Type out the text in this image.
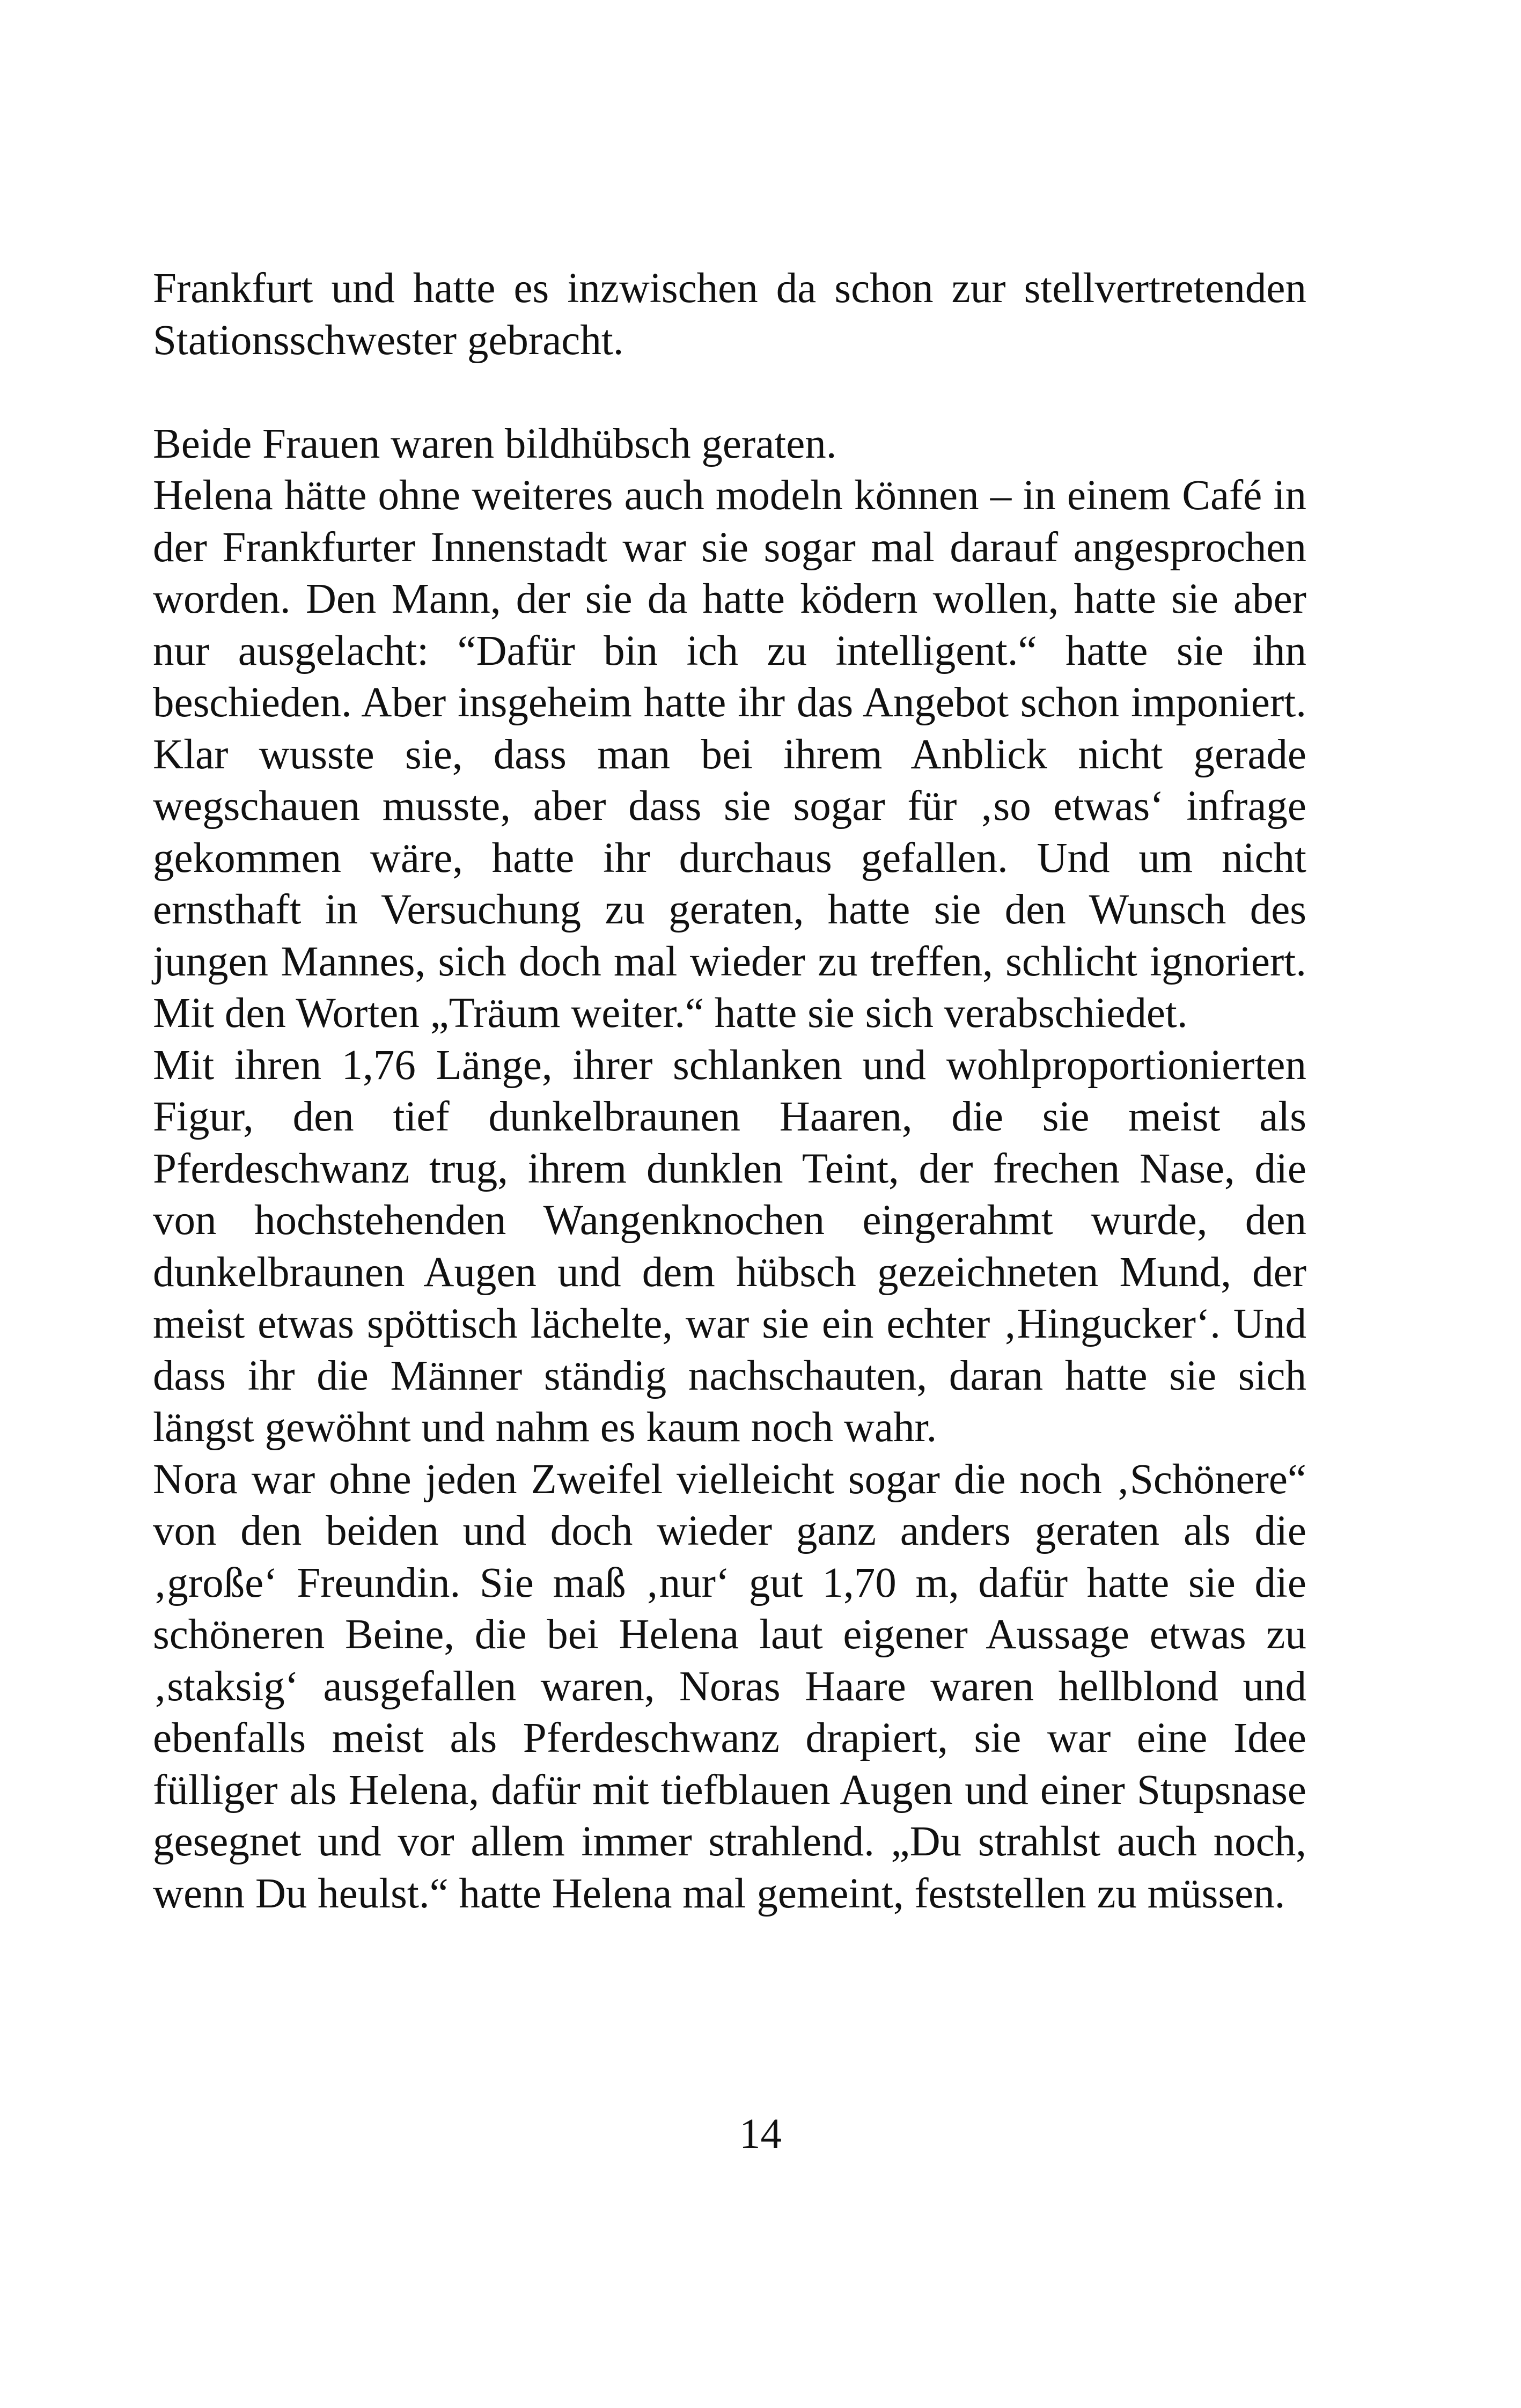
Frankfurt und hatte es inzwischen da schon zur stellvertretenden Stationsschwester gebracht.

Beide Frauen waren bildhübsch geraten.

Helena hätte ohne weiteres auch modeln können – in einem Café in der Frankfurter Innenstadt war sie sogar mal darauf angesprochen worden. Den Mann, der sie da hatte ködern wollen, hatte sie aber nur ausgelacht: “Dafür bin ich zu intelligent.“ hatte sie ihn beschieden. Aber insgeheim hatte ihr das Angebot schon imponiert. Klar wusste sie, dass man bei ihrem Anblick nicht gerade wegschauen musste, aber dass sie sogar für ‚so etwas‘ infrage gekommen wäre, hatte ihr durchaus gefallen. Und um nicht ernsthaft in Versuchung zu geraten, hatte sie den Wunsch des jungen Mannes, sich doch mal wieder zu treffen, schlicht ignoriert. Mit den Worten „Träum weiter.“ hatte sie sich verabschiedet.

Mit ihren 1,76 Länge, ihrer schlanken und wohlproportionierten Figur, den tief dunkelbraunen Haaren, die sie meist als Pferdeschwanz trug, ihrem dunklen Teint, der frechen Nase, die von hochstehenden Wangenknochen eingerahmt wurde, den dunkelbraunen Augen und dem hübsch gezeichneten Mund, der meist etwas spöttisch lächelte, war sie ein echter ‚Hingucker‘. Und dass ihr die Männer ständig nachschauten, daran hatte sie sich längst gewöhnt und nahm es kaum noch wahr.

Nora war ohne jeden Zweifel vielleicht sogar die noch ‚Schönere“ von den beiden und doch wieder ganz anders geraten als die ‚große‘ Freundin. Sie maß ‚nur‘ gut 1,70 m, dafür hatte sie die schöneren Beine, die bei Helena laut eigener Aussage etwas zu ‚staksig‘ ausgefallen waren, Noras Haare waren hellblond und ebenfalls meist als Pferdeschwanz drapiert, sie war eine Idee fülliger als Helena, dafür mit tiefblauen Augen und einer Stupsnase gesegnet und vor allem immer strahlend. „Du strahlst auch noch, wenn Du heulst.“ hatte Helena mal gemeint, feststellen zu müssen.

14
